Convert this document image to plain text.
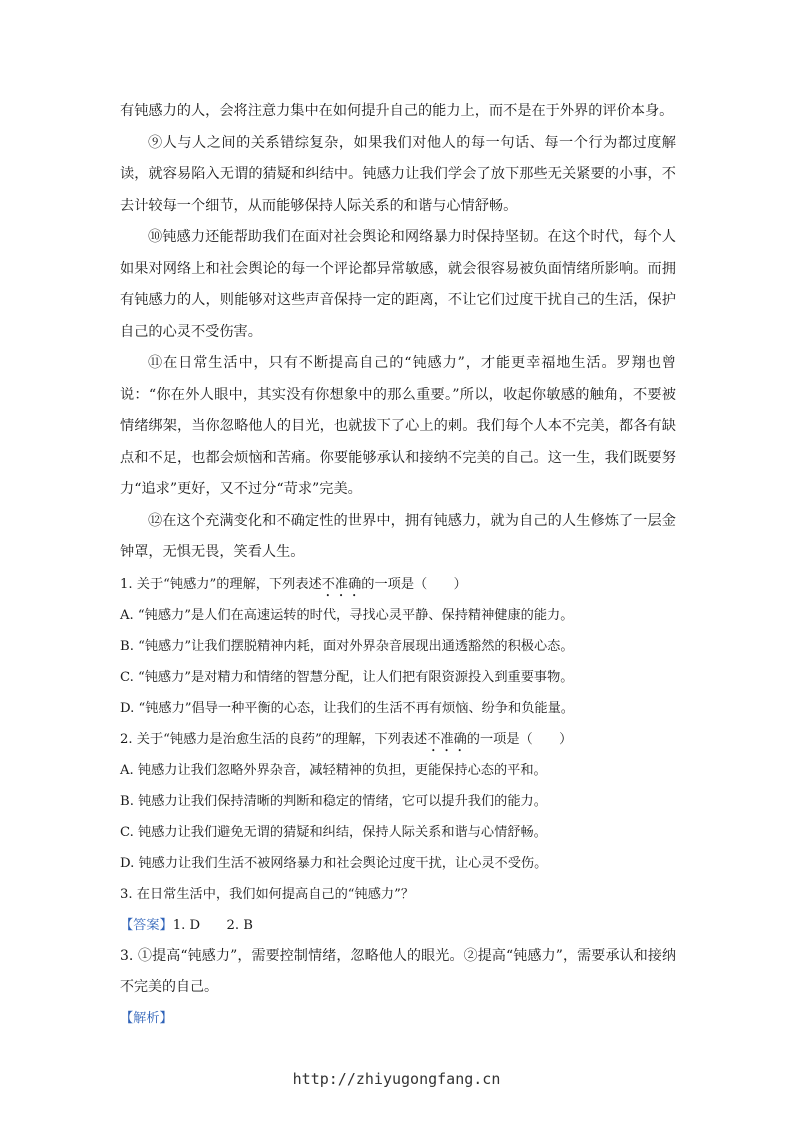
有钝感力的人，会将注意力集中在如何提升自己的能力上，而不是在于外界的评价本身。

⑨人与人之间的关系错综复杂，如果我们对他人的每一句话、每一个行为都过度解读，就容易陷入无谓的猜疑和纠结中。钝感力让我们学会了放下那些无关紧要的小事，不去计较每一个细节，从而能够保持人际关系的和谐与心情舒畅。

⑩钝感力还能帮助我们在面对社会舆论和网络暴力时保持坚韧。在这个时代，每个人如果对网络上和社会舆论的每一个评论都异常敏感，就会很容易被负面情绪所影响。而拥有钝感力的人，则能够对这些声音保持一定的距离，不让它们过度干扰自己的生活，保护自己的心灵不受伤害。

⑪在日常生活中，只有不断提高自己的“钝感力”，才能更幸福地生活。罗翔也曾说：“你在外人眼中，其实没有你想象中的那么重要。”所以，收起你敏感的触角，不要被情绪绑架，当你忽略他人的目光，也就拔下了心上的刺。我们每个人本不完美，都各有缺点和不足，也都会烦恼和苦痛。你要能够承认和接纳不完美的自己。这一生，我们既要努力“追求”更好，又不过分“苛求”完美。

⑫在这个充满变化和不确定性的世界中，拥有钝感力，就为自己的人生修炼了一层金钟罩，无惧无畏，笑看人生。

1. 关于“钝感力”的理解，下列表述不准确的一项是（　　）

A. “钝感力”是人们在高速运转的时代，寻找心灵平静、保持精神健康的能力。

B. “钝感力”让我们摆脱精神内耗，面对外界杂音展现出通透豁然的积极心态。

C. “钝感力”是对精力和情绪的智慧分配，让人们把有限资源投入到重要事物。

D. “钝感力”倡导一种平衡的心态，让我们的生活不再有烦恼、纷争和负能量。

2. 关于“钝感力是治愈生活的良药”的理解，下列表述不准确的一项是（　　）

A. 钝感力让我们忽略外界杂音，减轻精神的负担，更能保持心态的平和。

B. 钝感力让我们保持清晰的判断和稳定的情绪，它可以提升我们的能力。

C. 钝感力让我们避免无谓的猜疑和纠结，保持人际关系和谐与心情舒畅。

D. 钝感力让我们生活不被网络暴力和社会舆论过度干扰，让心灵不受伤。

3. 在日常生活中，我们如何提高自己的“钝感力”？

【答案】1. D　　2. B

3. ①提高“钝感力”，需要控制情绪，忽略他人的眼光。②提高“钝感力”，需要承认和接纳不完美的自己。

【解析】

http://zhiyugongfang.cn
